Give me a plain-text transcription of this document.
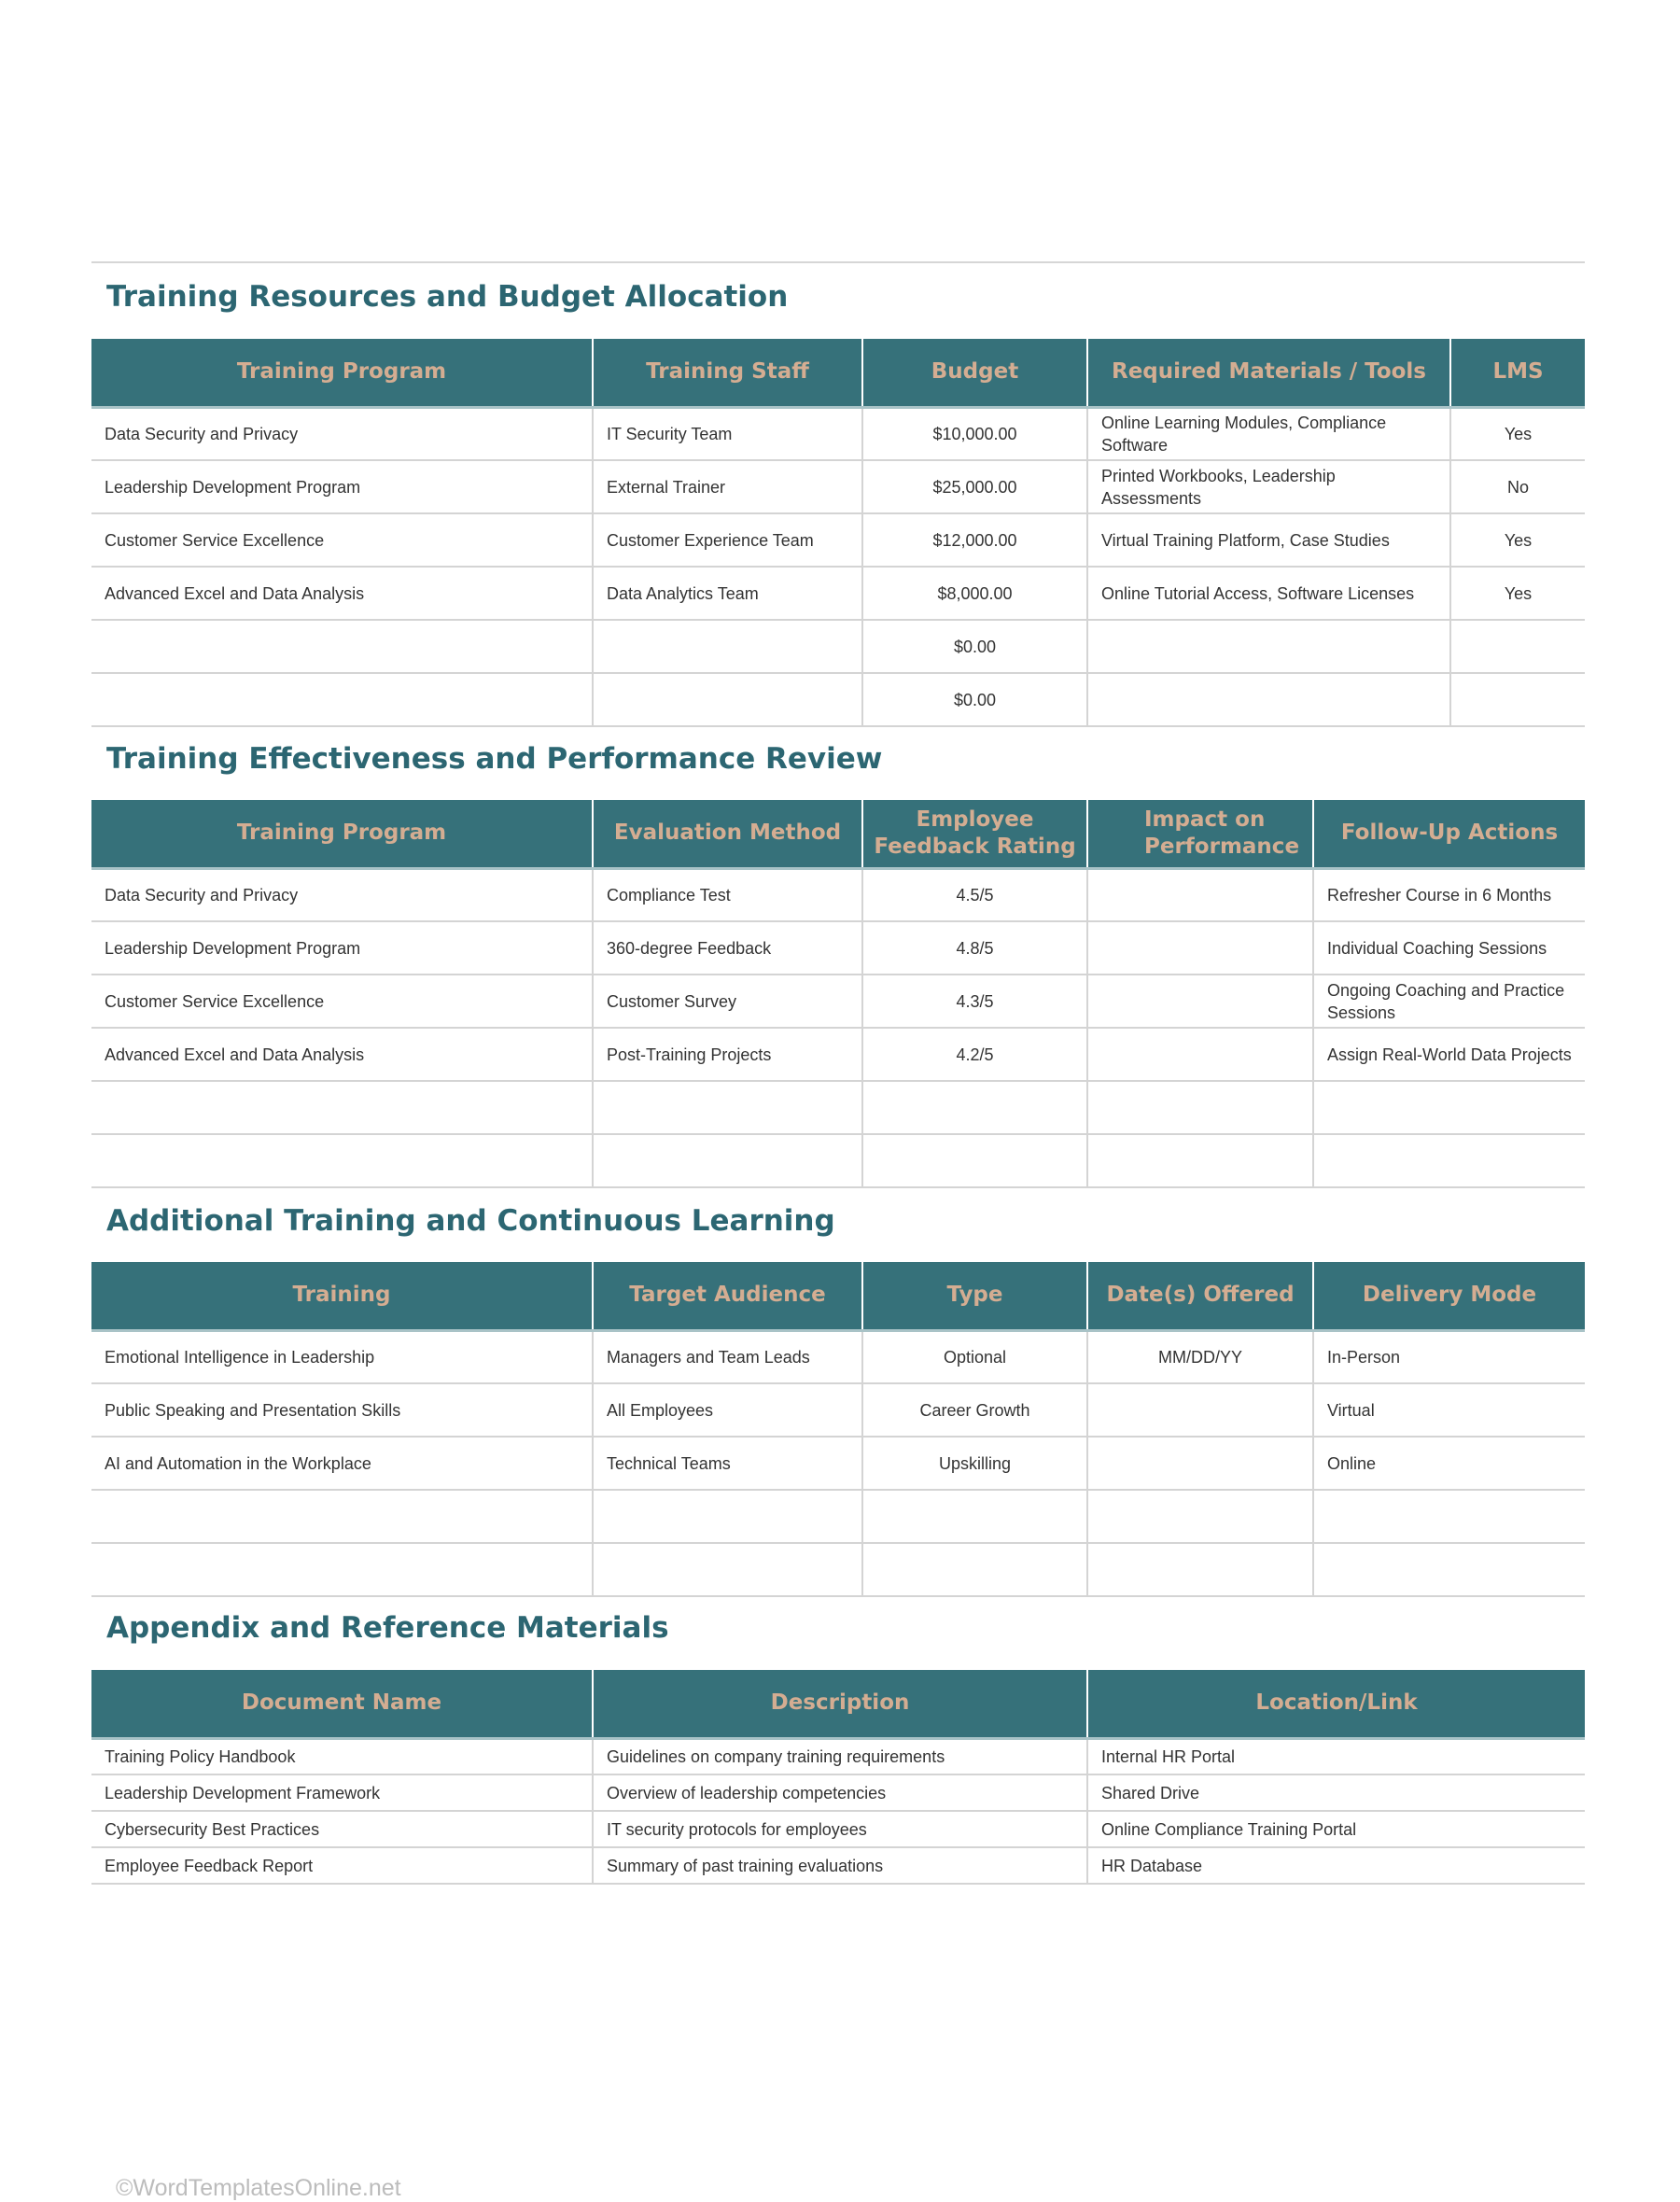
Training Resources and Budget Allocation
Training Program	Training Staff	Budget	Required Materials / Tools	LMS
Data Security and Privacy	IT Security Team	$10,000.00	Online Learning Modules, Compliance Software	Yes
Leadership Development Program	External Trainer	$25,000.00	Printed Workbooks, Leadership Assessments	No
Customer Service Excellence	Customer Experience Team	$12,000.00	Virtual Training Platform, Case Studies	Yes
Advanced Excel and Data Analysis	Data Analytics Team	$8,000.00	Online Tutorial Access, Software Licenses	Yes
		$0.00		
		$0.00		
Training Effectiveness and Performance Review
Training Program	Evaluation Method	Employee Feedback Rating	Impact on Performance	Follow-Up Actions
Data Security and Privacy	Compliance Test	4.5/5		Refresher Course in 6 Months
Leadership Development Program	360-degree Feedback	4.8/5		Individual Coaching Sessions
Customer Service Excellence	Customer Survey	4.3/5		Ongoing Coaching and Practice Sessions
Advanced Excel and Data Analysis	Post-Training Projects	4.2/5		Assign Real-World Data Projects

Additional Training and Continuous Learning
Training	Target Audience	Type	Date(s) Offered	Delivery Mode
Emotional Intelligence in Leadership	Managers and Team Leads	Optional	MM/DD/YY	In-Person
Public Speaking and Presentation Skills	All Employees	Career Growth		Virtual
AI and Automation in the Workplace	Technical Teams	Upskilling		Online

Appendix and Reference Materials
Document Name	Description	Location/Link
Training Policy Handbook	Guidelines on company training requirements	Internal HR Portal
Leadership Development Framework	Overview of leadership competencies	Shared Drive
Cybersecurity Best Practices	IT security protocols for employees	Online Compliance Training Portal
Employee Feedback Report	Summary of past training evaluations	HR Database
©WordTemplatesOnline.net
